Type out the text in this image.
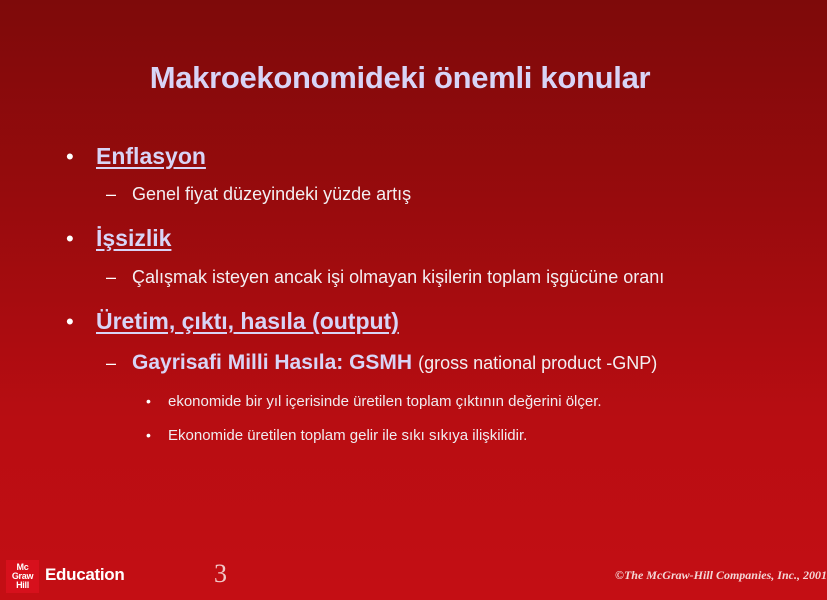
Makroekonomideki önemli konular
• Enflasyon
– Genel fiyat düzeyindeki yüzde artış
• İşsizlik
– Çalışmak isteyen ancak işi olmayan kişilerin toplam işgücüne oranı
• Üretim, çıktı, hasıla (output)
– Gayrisafi Milli Hasıla: GSMH (gross national product -GNP)
•	ekonomide bir yıl içerisinde üretilen toplam çıktının değerini ölçer.
•	Ekonomide üretilen toplam gelir ile sıkı sıkıya ilişkilidir.
Mc
Graw
Hill
Education	3	©The McGraw-Hill Companies, Inc., 2001
